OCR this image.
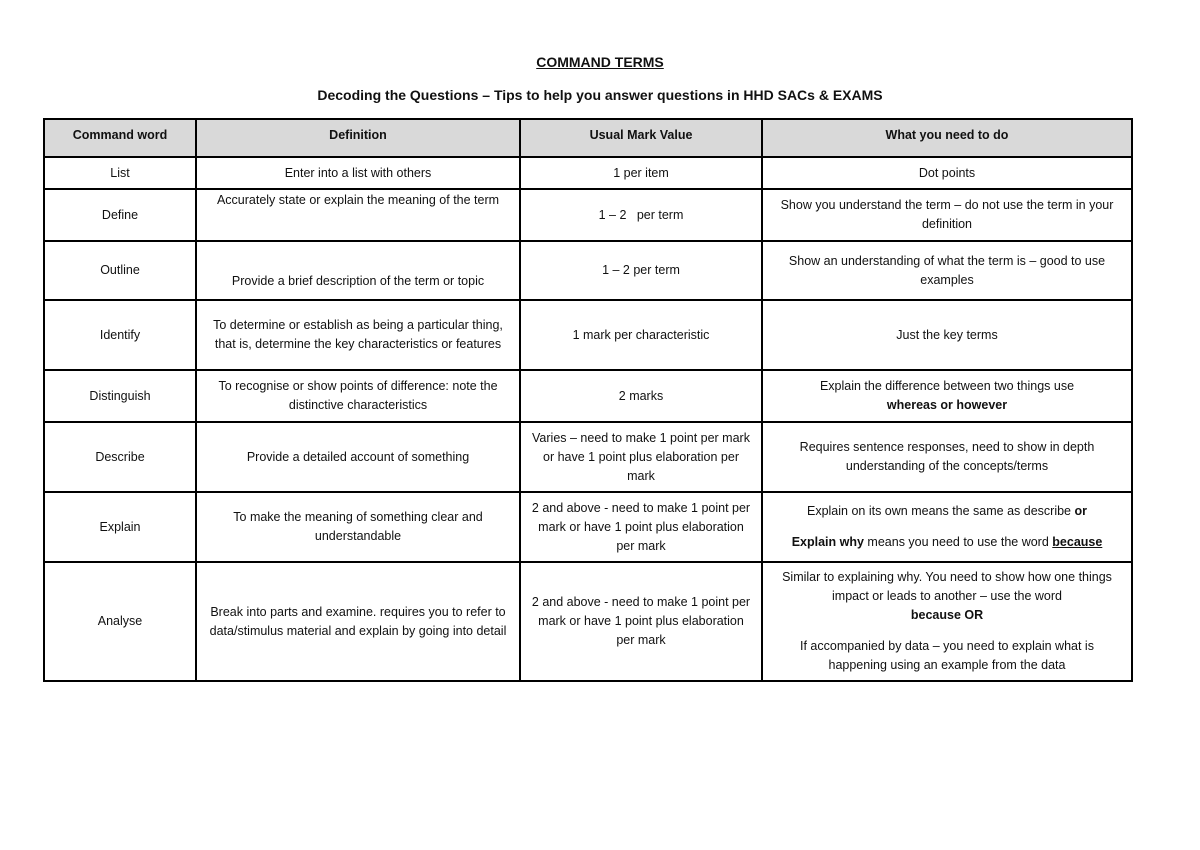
COMMAND TERMS
Decoding the Questions – Tips to help you answer questions in HHD SACs & EXAMS
Command word	Definition	Usual Mark Value	What you need to do
List	Enter into a list with others	1 per item	Dot points
Define	Accurately state or explain the meaning of the term	1 – 2   per term	Show you understand the term – do not use the term in your definition
Outline	Provide a brief description of the term or topic	1 – 2 per term	Show an understanding of what the term is – good to use examples
Identify	To determine or establish as being a particular thing, that is, determine the key characteristics or features	1 mark per characteristic	Just the key terms
Distinguish	To recognise or show points of difference: note the distinctive characteristics	2 marks	Explain the difference between two things use
whereas or however
Describe	Provide a detailed account of something	Varies – need to make 1 point per mark or have 1 point plus elaboration per mark	Requires sentence responses, need to show in depth understanding of the concepts/terms
Explain	To make the meaning of something clear and understandable	2 and above - need to make 1 point per mark or have 1 point plus elaboration per mark	Explain on its own means the same as describe or

Explain why means you need to use the word because

Analyse	Break into parts and examine. requires you to refer to data/stimulus material and explain by going into detail	2 and above - need to make 1 point per mark or have 1 point plus elaboration per mark	Similar to explaining why. You need to show how one things impact or leads to another – use the word
because OR

If accompanied by data – you need to explain what is happening using an example from the data
